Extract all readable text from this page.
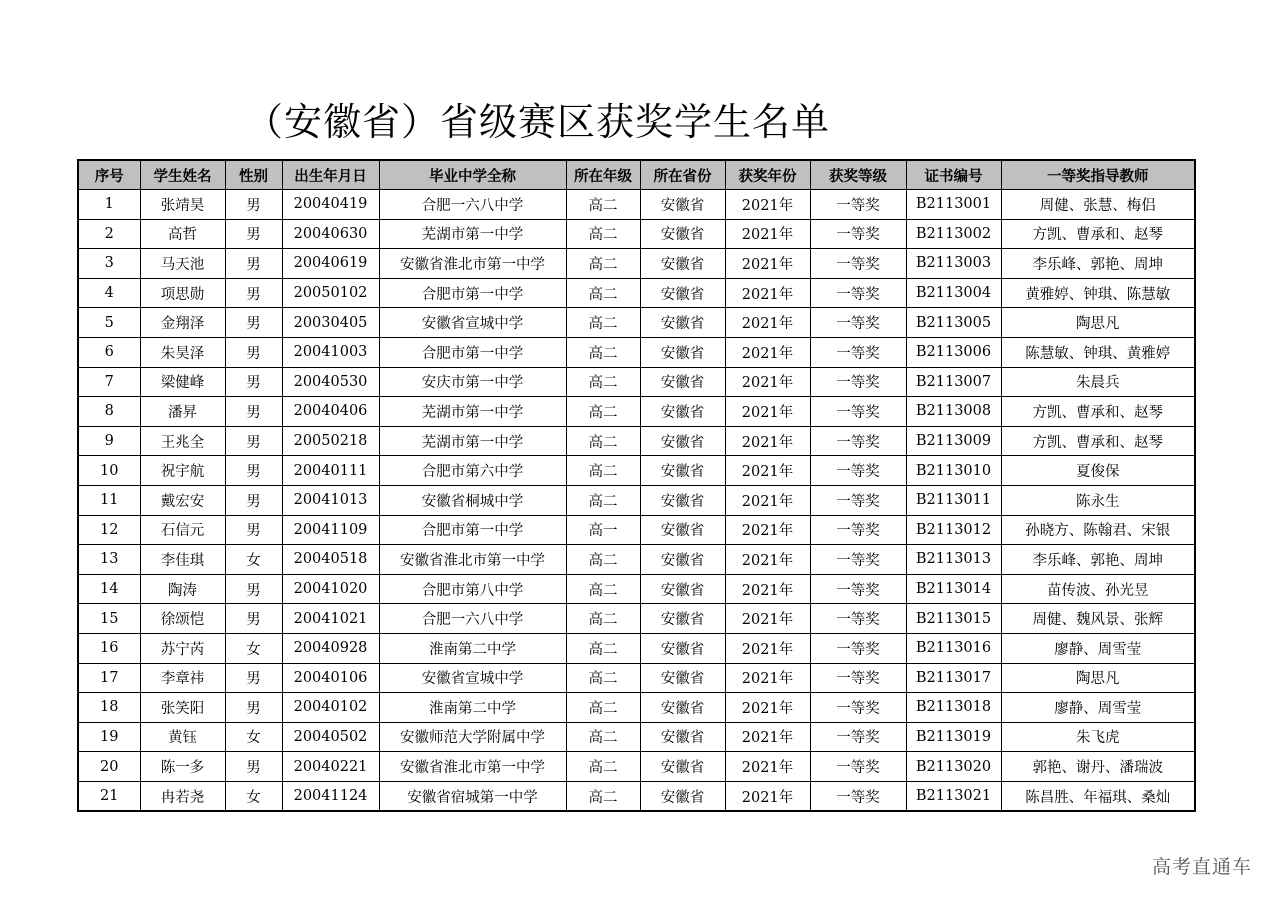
（安徽省）省级赛区获奖学生名单
序号	学生姓名	性别	出生年月日	毕业中学全称	所在年级	所在省份	获奖年份	获奖等级	证书编号	一等奖指导教师
1	张靖昊	男	20040419	合肥一六八中学	高二	安徽省	2021年	一等奖	B2113001	周健、张慧、梅侣
2	高哲	男	20040630	芜湖市第一中学	高二	安徽省	2021年	一等奖	B2113002	方凯、曹承和、赵琴
3	马天池	男	20040619	安徽省淮北市第一中学	高二	安徽省	2021年	一等奖	B2113003	李乐峰、郭艳、周坤
4	项思勋	男	20050102	合肥市第一中学	高二	安徽省	2021年	一等奖	B2113004	黄雅婷、钟琪、陈慧敏
5	金翔泽	男	20030405	安徽省宣城中学	高二	安徽省	2021年	一等奖	B2113005	陶思凡
6	朱昊泽	男	20041003	合肥市第一中学	高二	安徽省	2021年	一等奖	B2113006	陈慧敏、钟琪、黄雅婷
7	梁健峰	男	20040530	安庆市第一中学	高二	安徽省	2021年	一等奖	B2113007	朱晨兵
8	潘昇	男	20040406	芜湖市第一中学	高二	安徽省	2021年	一等奖	B2113008	方凯、曹承和、赵琴
9	王兆全	男	20050218	芜湖市第一中学	高二	安徽省	2021年	一等奖	B2113009	方凯、曹承和、赵琴
10	祝宇航	男	20040111	合肥市第六中学	高二	安徽省	2021年	一等奖	B2113010	夏俊保
11	戴宏安	男	20041013	安徽省桐城中学	高二	安徽省	2021年	一等奖	B2113011	陈永生
12	石信元	男	20041109	合肥市第一中学	高一	安徽省	2021年	一等奖	B2113012	孙晓方、陈翰君、宋银
13	李佳琪	女	20040518	安徽省淮北市第一中学	高二	安徽省	2021年	一等奖	B2113013	李乐峰、郭艳、周坤
14	陶涛	男	20041020	合肥市第八中学	高二	安徽省	2021年	一等奖	B2113014	苗传波、孙光昱
15	徐颂恺	男	20041021	合肥一六八中学	高二	安徽省	2021年	一等奖	B2113015	周健、魏风景、张辉
16	苏宁芮	女	20040928	淮南第二中学	高二	安徽省	2021年	一等奖	B2113016	廖静、周雪莹
17	李章祎	男	20040106	安徽省宣城中学	高二	安徽省	2021年	一等奖	B2113017	陶思凡
18	张笑阳	男	20040102	淮南第二中学	高二	安徽省	2021年	一等奖	B2113018	廖静、周雪莹
19	黄钰	女	20040502	安徽师范大学附属中学	高二	安徽省	2021年	一等奖	B2113019	朱飞虎
20	陈一多	男	20040221	安徽省淮北市第一中学	高二	安徽省	2021年	一等奖	B2113020	郭艳、谢丹、潘瑞波
21	冉若尧	女	20041124	安徽省宿城第一中学	高二	安徽省	2021年	一等奖	B2113021	陈昌胜、年福琪、桑灿
高考直通车
